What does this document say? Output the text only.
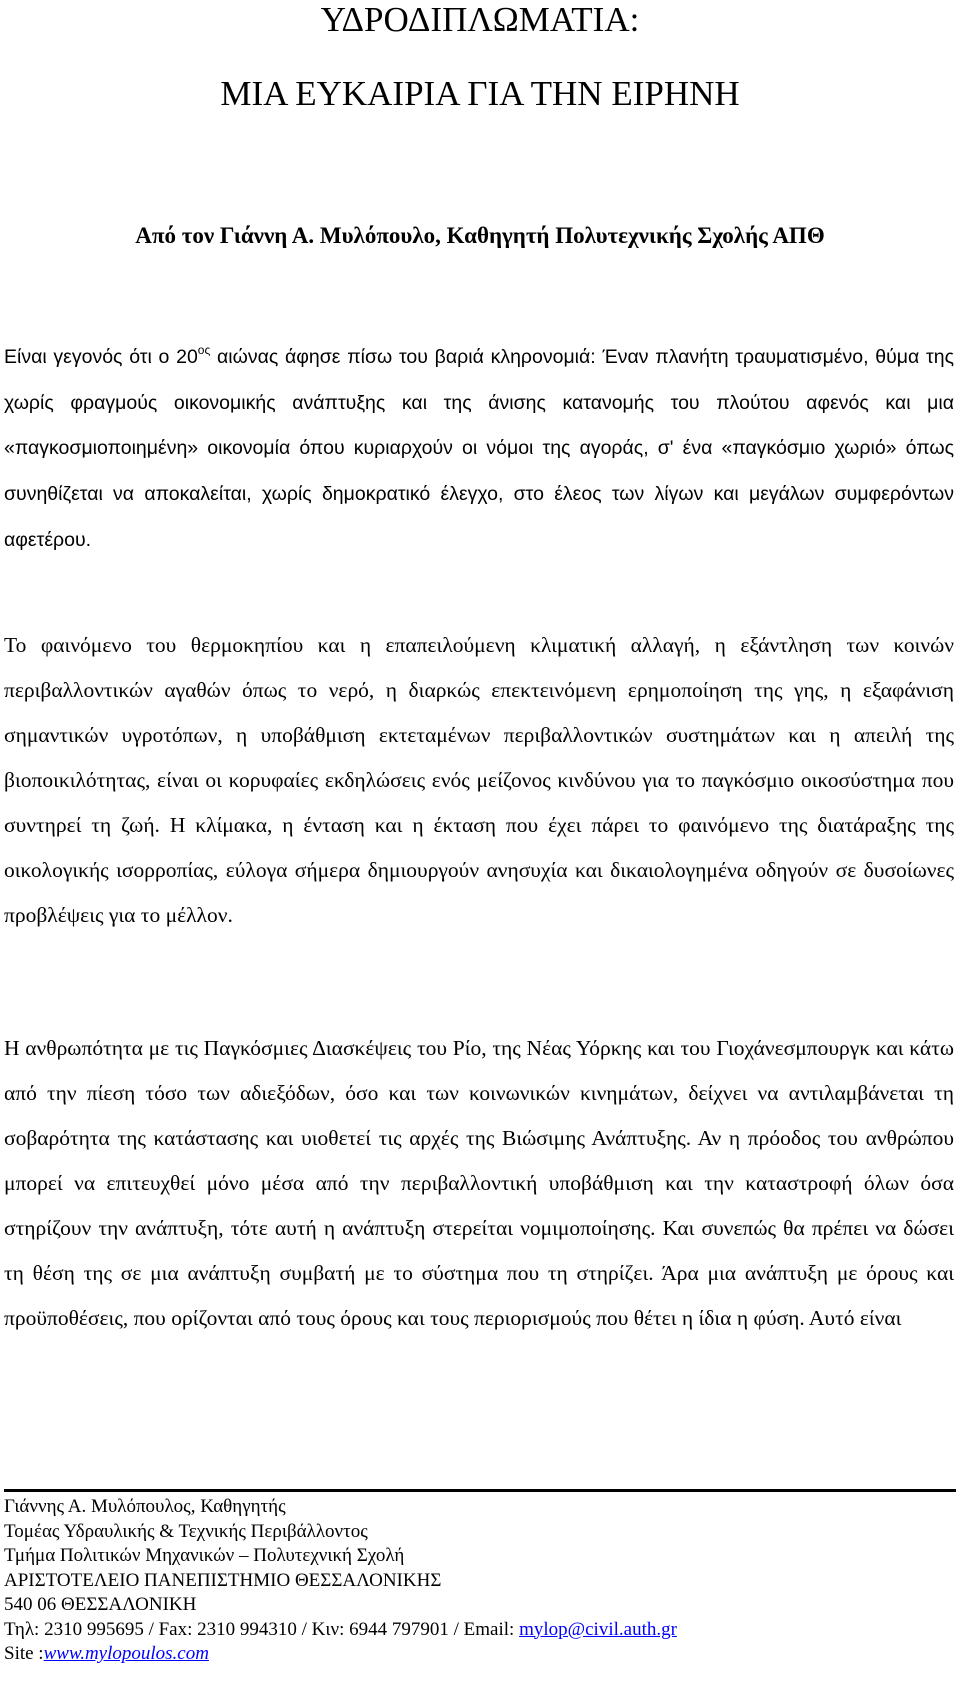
ΥΔΡΟΔΙΠΛΩΜΑΤΙΑ:
ΜΙΑ ΕΥΚΑΙΡΙΑ ΓΙΑ ΤΗΝ ΕΙΡΗΝΗ
Από τον Γιάννη Α. Μυλόπουλο, Καθηγητή Πολυτεχνικής Σχολής ΑΠΘ

Είναι γεγονός ότι ο $20^{o\varsigma}$ αιώνας άφησε πίσω του βαριά κληρονομιά: Έναν πλανήτη τραυματισμένο, θύμα της χωρίς φραγμούς οικονομικής ανάπτυξης και της άνισης κατανομής του πλούτου αφενός και μια «παγκοσμιοποιημένη» οικονομία όπου κυριαρχούν οι νόμοι της αγοράς, σ' ένα «παγκόσμιο χωριό» όπως συνηθίζεται να αποκαλείται, χωρίς δημοκρατικό έλεγχο, στο έλεος των λίγων και μεγάλων συμφερόντων αφετέρου.

Το φαινόμενο του θερμοκηπίου και η επαπειλούμενη κλιματική αλλαγή, η εξάντληση των κοινών περιβαλλοντικών αγαθών όπως το νερό, η διαρκώς επεκτεινόμενη ερημοποίηση της γης, η εξαφάνιση σημαντικών υγροτόπων, η υποβάθμιση εκτεταμένων περιβαλλοντικών συστημάτων και η απειλή της βιοποικιλότητας, είναι οι κορυφαίες εκδηλώσεις ενός μείζονος κινδύνου για το παγκόσμιο οικοσύστημα που συντηρεί τη ζωή. Η κλίμακα, η ένταση και η έκταση που έχει πάρει το φαινόμενο της διατάραξης της οικολογικής ισορροπίας, εύλογα σήμερα δημιουργούν ανησυχία και δικαιολογημένα οδηγούν σε δυσοίωνες προβλέψεις για το μέλλον.

Η ανθρωπότητα με τις Παγκόσμιες Διασκέψεις του Ρίο, της Νέας Υόρκης και του Γιοχάνεσμπουργκ και κάτω από την πίεση τόσο των αδιεξόδων, όσο και των κοινωνικών κινημάτων, δείχνει να αντιλαμβάνεται τη σοβαρότητα της κατάστασης και υιοθετεί τις αρχές της Βιώσιμης Ανάπτυξης. Αν η πρόοδος του ανθρώπου μπορεί να επιτευχθεί μόνο μέσα από την περιβαλλοντική υποβάθμιση και την καταστροφή όλων όσα στηρίζουν την ανάπτυξη, τότε αυτή η ανάπτυξη στερείται νομιμοποίησης. Και συνεπώς θα πρέπει να δώσει τη θέση της σε μια ανάπτυξη συμβατή με το σύστημα που τη στηρίζει. Άρα μια ανάπτυξη με όρους και προϋποθέσεις, που ορίζονται από τους όρους και τους περιορισμούς που θέτει η ίδια η φύση. Αυτό είναι

Γιάννης Α. Μυλόπουλος, Καθηγητής
Τομέας Υδραυλικής & Τεχνικής Περιβάλλοντος
Τμήμα Πολιτικών Μηχανικών – Πολυτεχνική Σχολή
ΑΡΙΣΤΟΤΕΛΕΙΟ ΠΑΝΕΠΙΣΤΗΜΙΟ ΘΕΣΣΑΛΟΝΙΚΗΣ
540 06 ΘΕΣΣΑΛΟΝΙΚΗ
Τηλ: 2310 995695 / Fax: 2310 994310 / Κιν: 6944 797901 / Email: mylop@civil.auth.gr
Site :www.mylopoulos.com
